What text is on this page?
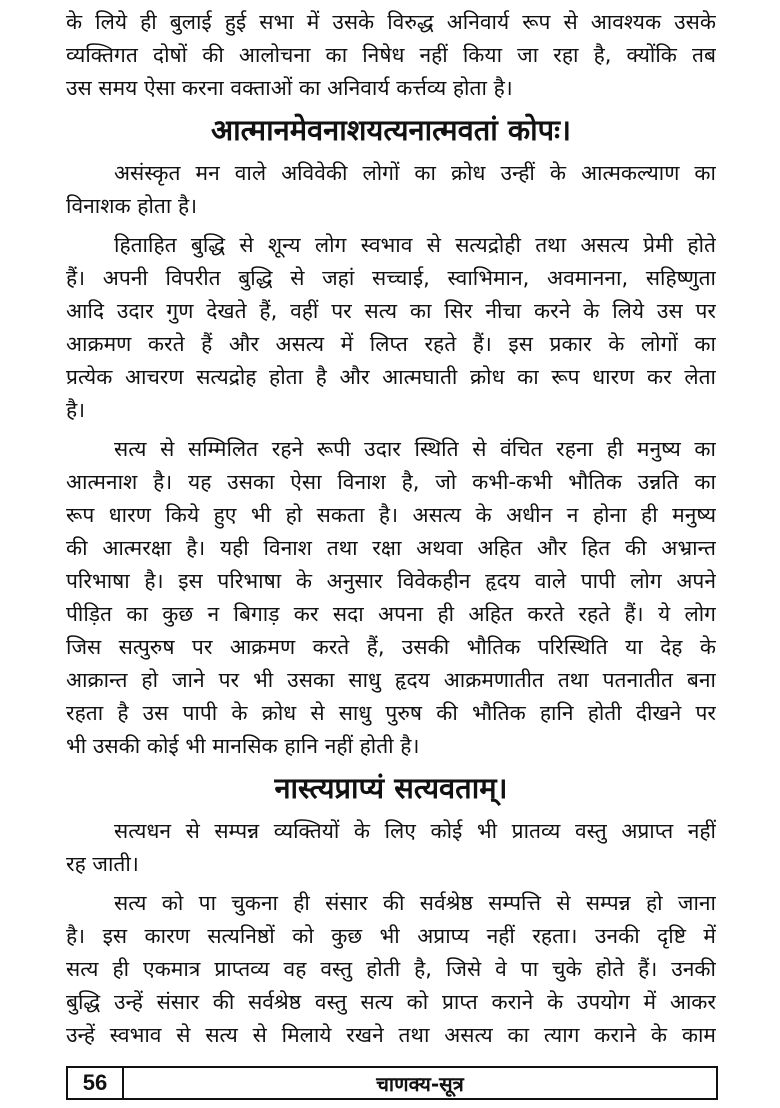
के लिये ही बुलाई हुई सभा में उसके विरुद्ध अनिवार्य रूप से आवश्यक उसके
व्यक्तिगत दोषों की आलोचना का निषेध नहीं किया जा रहा है, क्योंकि तब
उस समय ऐसा करना वक्ताओं का अनिवार्य कर्त्तव्य होता है।
आत्मानमेवनाशयत्यनात्मवतां कोपः।
असंस्कृत मन वाले अविवेकी लोगों का क्रोध उन्हीं के आत्मकल्याण का
विनाशक होता है।
हिताहित बुद्धि से शून्य लोग स्वभाव से सत्यद्रोही तथा असत्य प्रेमी होते
हैं। अपनी विपरीत बुद्धि से जहां सच्चाई, स्वाभिमान, अवमानना, सहिष्णुता
आदि उदार गुण देखते हैं, वहीं पर सत्य का सिर नीचा करने के लिये उस पर
आक्रमण करते हैं और असत्य में लिप्त रहते हैं। इस प्रकार के लोगों का
प्रत्येक आचरण सत्यद्रोह होता है और आत्मघाती क्रोध का रूप धारण कर लेता
है।
सत्य से सम्मिलित रहने रूपी उदार स्थिति से वंचित रहना ही मनुष्य का
आत्मनाश है। यह उसका ऐसा विनाश है, जो कभी-कभी भौतिक उन्नति का
रूप धारण किये हुए भी हो सकता है। असत्य के अधीन न होना ही मनुष्य
की आत्मरक्षा है। यही विनाश तथा रक्षा अथवा अहित और हित की अभ्रान्त
परिभाषा है। इस परिभाषा के अनुसार विवेकहीन हृदय वाले पापी लोग अपने
पीड़ित का कुछ न बिगाड़ कर सदा अपना ही अहित करते रहते हैं। ये लोग
जिस सत्पुरुष पर आक्रमण करते हैं, उसकी भौतिक परिस्थिति या देह के
आक्रान्त हो जाने पर भी उसका साधु हृदय आक्रमणातीत तथा पतनातीत बना
रहता है उस पापी के क्रोध से साधु पुरुष की भौतिक हानि होती दीखने पर
भी उसकी कोई भी मानसिक हानि नहीं होती है।
नास्त्यप्राप्यं सत्यवताम्।
सत्यधन से सम्पन्न व्यक्तियों के लिए कोई भी प्रातव्य वस्तु अप्राप्त नहीं
रह जाती।
सत्य को पा चुकना ही संसार की सर्वश्रेष्ठ सम्पत्ति से सम्पन्न हो जाना
है। इस कारण सत्यनिष्ठों को कुछ भी अप्राप्य नहीं रहता। उनकी दृष्टि में
सत्य ही एकमात्र प्राप्तव्य वह वस्तु होती है, जिसे वे पा चुके होते हैं। उनकी
बुद्धि उन्हें संसार की सर्वश्रेष्ठ वस्तु सत्य को प्राप्त कराने के उपयोग में आकर
उन्हें स्वभाव से सत्य से मिलाये रखने तथा असत्य का त्याग कराने के काम
56	चाणक्य-सूत्र
